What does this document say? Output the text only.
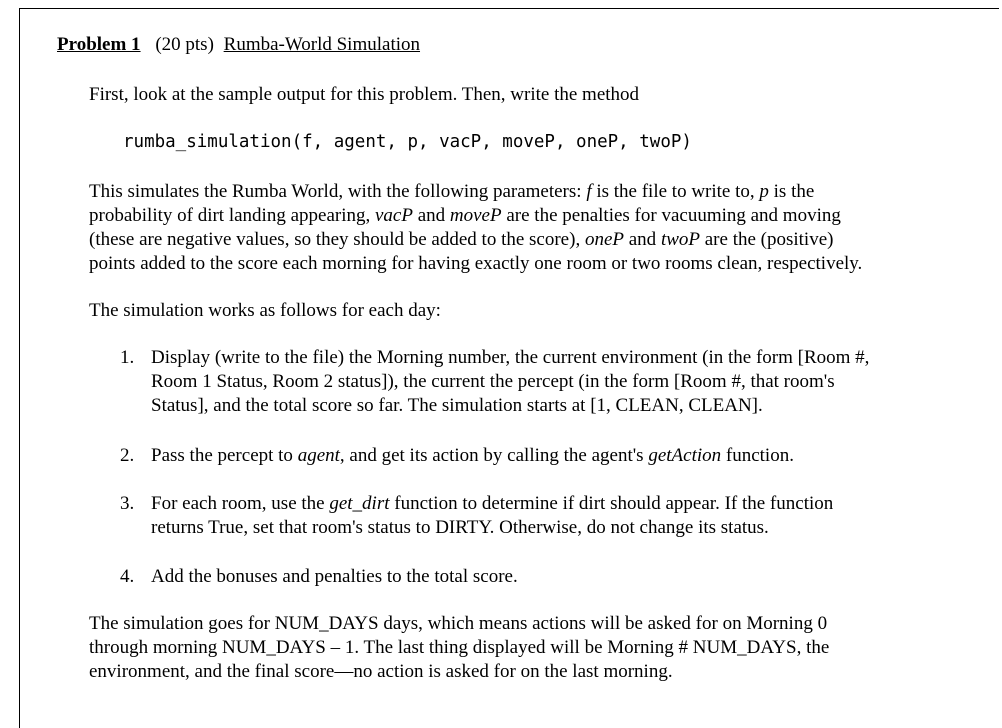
Problem 1 (20 pts) Rumba-World Simulation
First, look at the sample output for this problem. Then, write the method
rumba_simulation(f, agent, p, vacP, moveP, oneP, twoP)
This simulates the Rumba World, with the following parameters: f is the file to write to, p is the
probability of dirt landing appearing, vacP and moveP are the penalties for vacuuming and moving
(these are negative values, so they should be added to the score), oneP and twoP are the (positive)
points added to the score each morning for having exactly one room or two rooms clean, respectively.
The simulation works as follows for each day:
1. Display (write to the file) the Morning number, the current environment (in the form [Room #,
Room 1 Status, Room 2 status]), the current the percept (in the form [Room #, that room's
Status], and the total score so far. The simulation starts at [1, CLEAN, CLEAN].
2. Pass the percept to agent, and get its action by calling the agent's getAction function.
3. For each room, use the get_dirt function to determine if dirt should appear. If the function
returns True, set that room's status to DIRTY. Otherwise, do not change its status.
4. Add the bonuses and penalties to the total score.
The simulation goes for NUM_DAYS days, which means actions will be asked for on Morning 0
through morning NUM_DAYS – 1. The last thing displayed will be Morning # NUM_DAYS, the
environment, and the final score—no action is asked for on the last morning.
